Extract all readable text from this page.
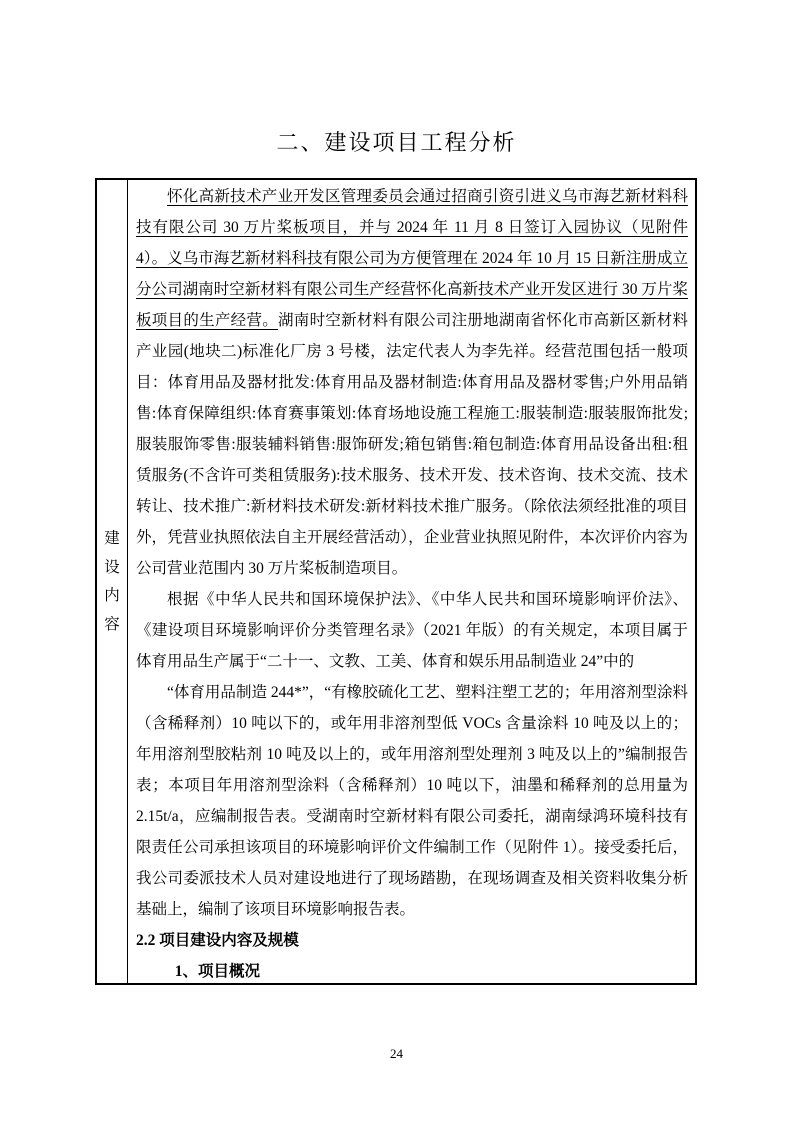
二、建设项目工程分析
建
设
内
容

怀化高新技术产业开发区管理委员会通过招商引资引进义乌市海艺新材料科技有限公司 30 万片桨板项目，并与 2024 年 11 月 8 日签订入园协议（见附件 4）。义乌市海艺新材料科技有限公司为方便管理在 2024 年 10 月 15 日新注册成立分公司湖南时空新材料有限公司生产经营怀化高新技术产业开发区进行 30 万片桨板项目的生产经营。湖南时空新材料有限公司注册地湖南省怀化市高新区新材料产业园(地块二)标准化厂房 3 号楼，法定代表人为李先祥。经营范围包括一般项目：体育用品及器材批发:体育用品及器材制造:体育用品及器材零售;户外用品销售:体育保障组织:体育赛事策划:体育场地设施工程施工:服装制造:服装服饰批发;服装服饰零售:服装辅料销售:服饰研发;箱包销售:箱包制造:体育用品设备出租:租赁服务(不含许可类租赁服务):技术服务、技术开发、技术咨询、技术交流、技术转让、技术推广:新材料技术研发:新材料技术推广服务。（除依法须经批准的项目外，凭营业执照依法自主开展经营活动），企业营业执照见附件，本次评价内容为公司营业范围内 30 万片桨板制造项目。

根据《中华人民共和国环境保护法》、《中华人民共和国环境影响评价法》、《建设项目环境影响评价分类管理名录》（2021 年版）的有关规定，本项目属于体育用品生产属于“二十一、文教、工美、体育和娱乐用品制造业 24”中的

“体育用品制造 244*”，“有橡胶硫化工艺、塑料注塑工艺的；年用溶剂型涂料（含稀释剂）10 吨以下的，或年用非溶剂型低 VOCs 含量涂料 10 吨及以上的；年用溶剂型胶粘剂 10 吨及以上的，或年用溶剂型处理剂 3 吨及以上的”编制报告表；本项目年用溶剂型涂料（含稀释剂）10 吨以下，油墨和稀释剂的总用量为 2.15t/a，应编制报告表。受湖南时空新材料有限公司委托，湖南绿鸿环境科技有限责任公司承担该项目的环境影响评价文件编制工作（见附件 1）。接受委托后，我公司委派技术人员对建设地进行了现场踏勘，在现场调查及相关资料收集分析基础上，编制了该项目环境影响报告表。

2.2 项目建设内容及规模

1、项目概况

24
